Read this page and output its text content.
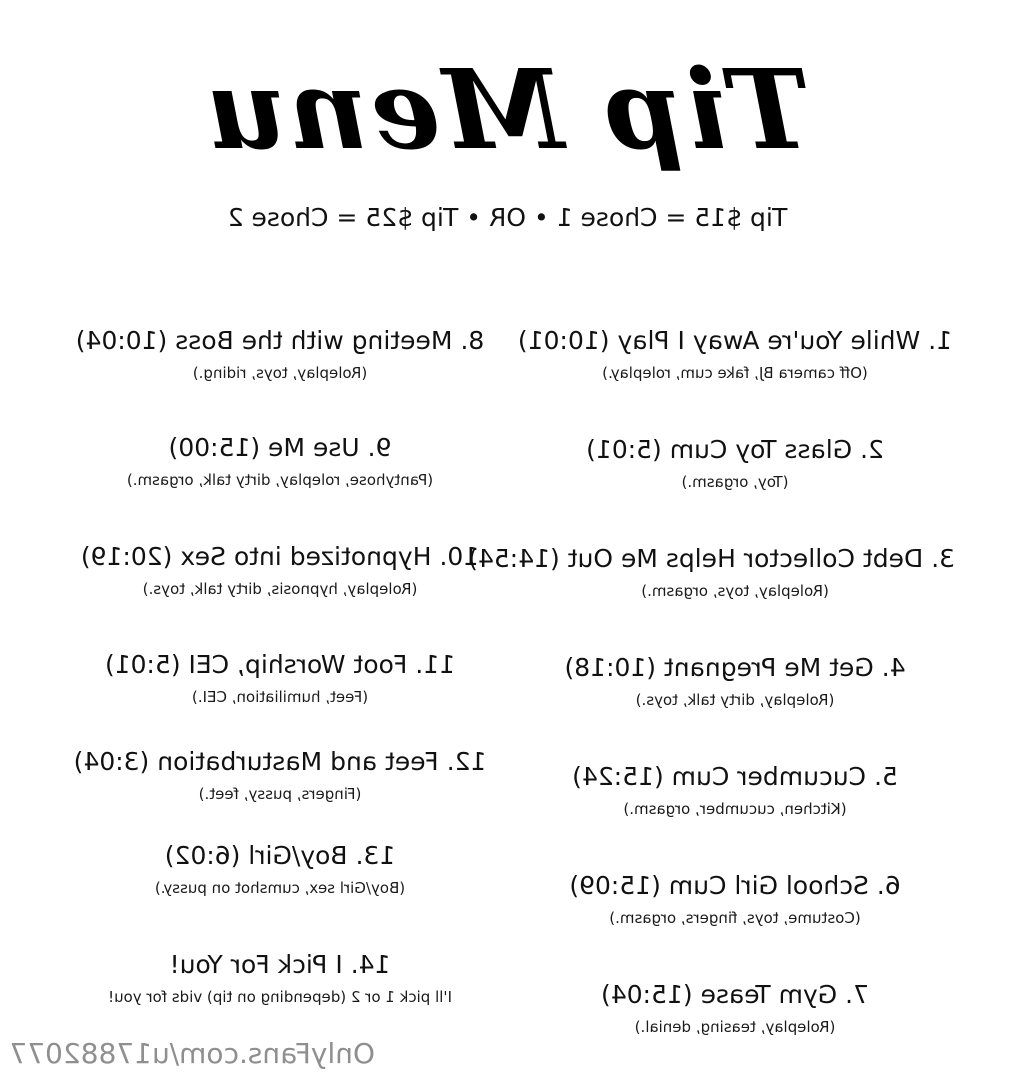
Tip Menu
Tip $15 = Chose 1 • OR • Tip $25 = Chose 2
1. While You're Away I Play (10:01)
(Off camera BJ, fake cum, roleplay.)
2. Glass Toy Cum (5:01)
(Toy, orgasm.)
3. Debt Collector Helps Me Out (14:54)
(Roleplay, toys, orgasm.)
4. Get Me Pregnant (10:18)
(Roleplay, dirty talk, toys.)
5. Cucumber Cum (15:24)
(Kitchen, cucumber, orgasm.)
6. School Girl Cum (15:09)
(Costume, toys, fingers, orgasm.)
7. Gym Tease (15:04)
(Roleplay, teasing, denial.)
8. Meeting with the Boss (10:04)
(Roleplay, toys, riding.)
9. Use Me (15:00)
(Pantyhose, roleplay, dirty talk, orgasm.)
10. Hypnotized into Sex (20:19)
(Roleplay, hypnosis, dirty talk, toys.)
11. Foot Worship, CEI (5:01)
(Feet, humiliation, CEI.)
12. Feet and Masturbation (3:04)
(Fingers, pussy, feet.)
13. Boy/Girl (6:02)
(Boy/Girl sex, cumshot on pussy.)
14. I Pick For You!
I'll pick 1 or 2 (depending on tip) vids for you!
OnlyFans.com/u17882077
